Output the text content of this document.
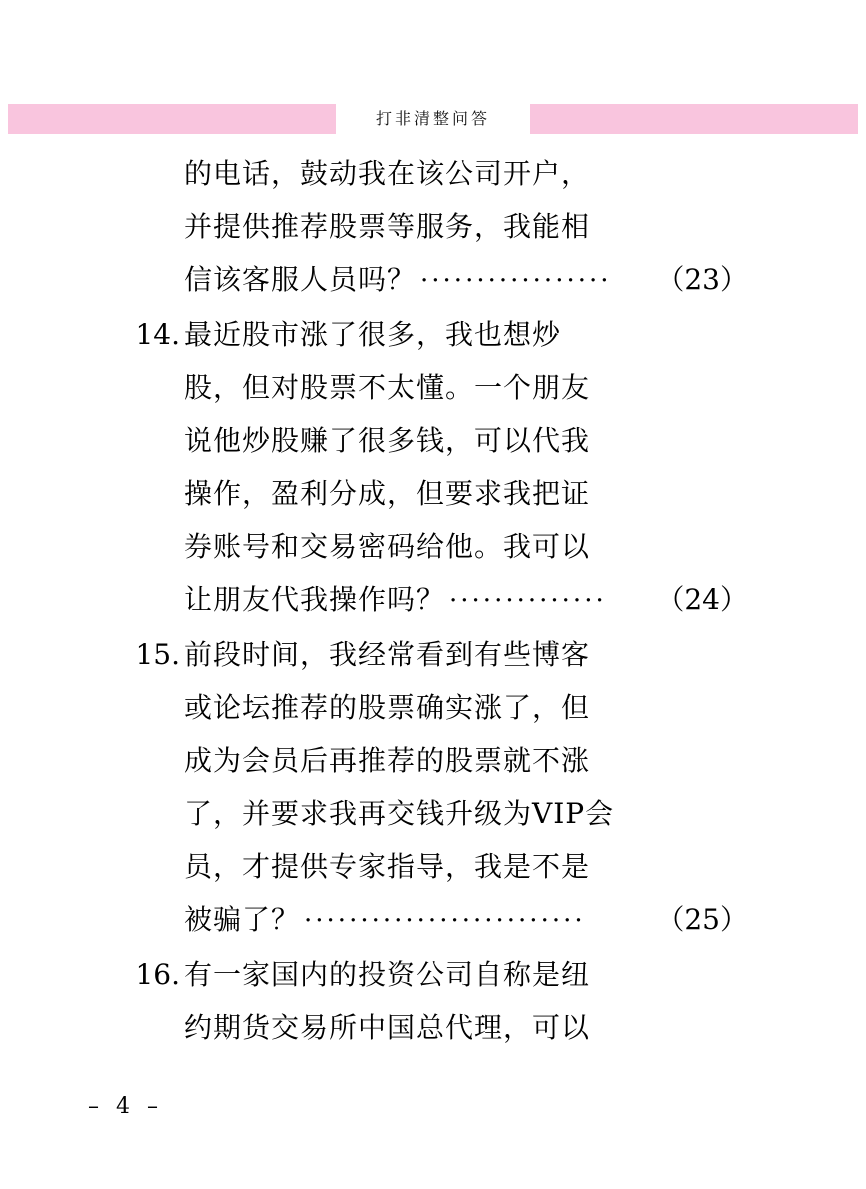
打非清整问答
的电话，鼓动我在该公司开户，
并提供推荐股票等服务，我能相
信该客服人员吗？ ·················	（23）
14. 最近股市涨了很多，我也想炒
股，但对股票不太懂。一个朋友
说他炒股赚了很多钱，可以代我
操作，盈利分成，但要求我把证
券账号和交易密码给他。我可以
让朋友代我操作吗？ ··············	（24）
15. 前段时间，我经常看到有些博客
或论坛推荐的股票确实涨了，但
成为会员后再推荐的股票就不涨
了，并要求我再交钱升级为VIP会
员，才提供专家指导，我是不是
被骗了？ ·························	（25）
16. 有一家国内的投资公司自称是纽
约期货交易所中国总代理，可以
– 4 –
